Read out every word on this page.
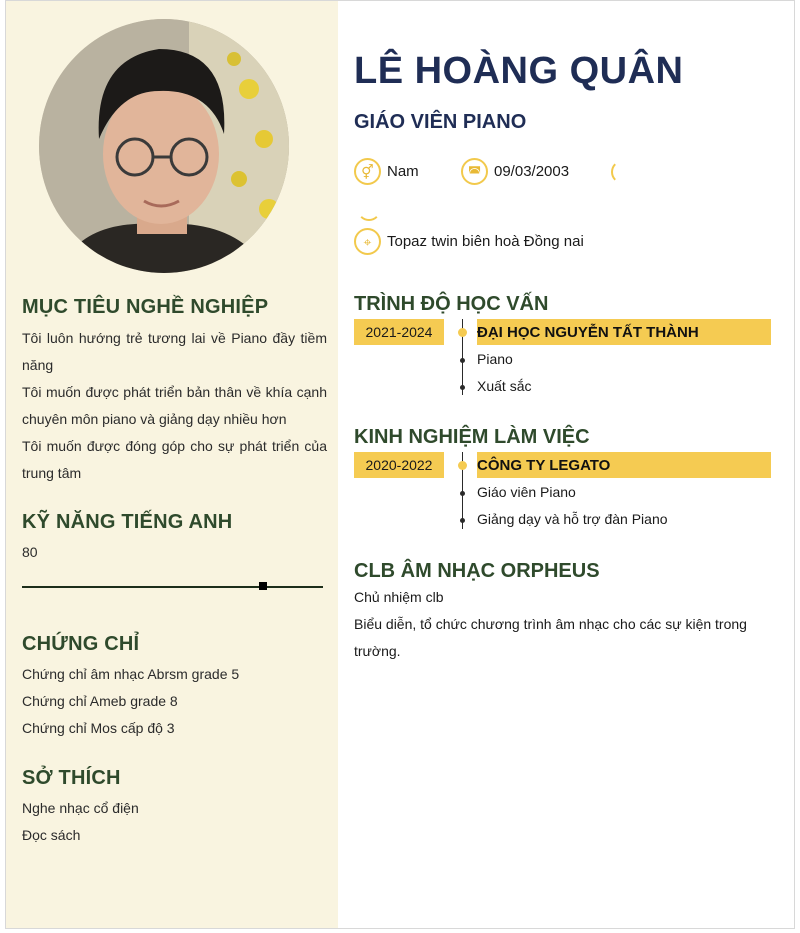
MỤC TIÊU NGHỀ NGHIỆP
Tôi luôn hướng trẻ tương lai về Piano đầy tiềm năng
Tôi muốn được phát triển bản thân về khía cạnh chuyên môn piano và giảng dạy nhiều hơn
Tôi muốn được đóng góp cho sự phát triển của trung tâm
KỸ NĂNG TIẾNG ANH
80
CHỨNG CHỈ
Chứng chỉ âm nhạc Abrsm grade 5
Chứng chỉ Ameb grade 8
Chứng chỉ Mos cấp độ 3
SỞ THÍCH
Nghe nhạc cổ điện
Đọc sách
LÊ HOÀNG QUÂN
GIÁO VIÊN PIANO
⚥ Nam	◚ 09/03/2003
⌖	Topaz twin biên hoà Đồng nai
TRÌNH ĐỘ HỌC VẤN
2021-2024	ĐẠI HỌC NGUYỄN TẤT THÀNH
Piano
Xuất sắc
KINH NGHIỆM LÀM VIỆC
2020-2022	CÔNG TY LEGATO
Giáo viên Piano
Giảng dạy và hỗ trợ đàn Piano
CLB ÂM NHẠC ORPHEUS
Chủ nhiệm clb
Biểu diễn, tổ chức chương trình âm nhạc cho các sự kiện trong trường.
